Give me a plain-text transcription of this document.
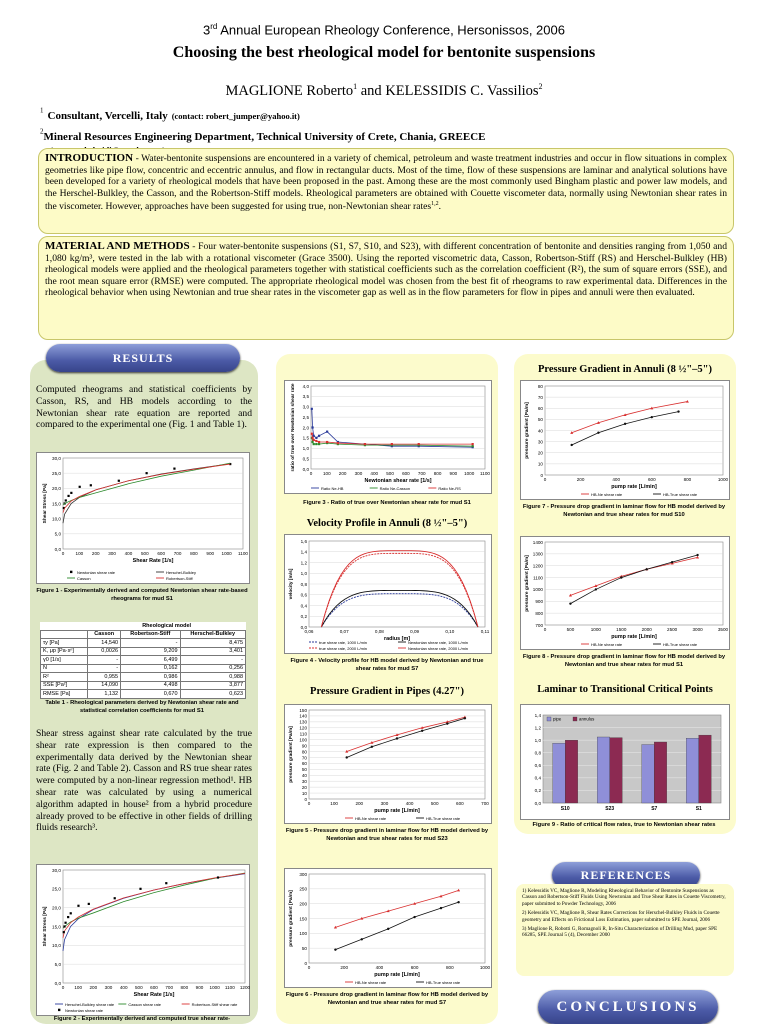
3rd Annual European Rheology Conference, Hersonissos, 2006
Choosing the best rheological model for bentonite suspensions
MAGLIONE Roberto$^1$ and KELESSIDIS C. Vassilios$^2$
$^1$ Consultant, Vercelli, Italy (contact: robert_jumper@yahoo.it)
$^2$Mineral Resources Engineering Department, Technical University of Crete, Chania, GREECE
INTRODUCTION - Water-bentonite suspensions are encountered in a variety of chemical, petroleum and waste treatment industries and occur in flow situations in complex geometries like pipe flow, concentric and eccentric annulus, and flow in rectangular ducts. Most of the time, flow of these suspensions are laminar and analytical solutions have been developed for a variety of rheological models that have been proposed in the past. Among these are the most commonly used Bingham plastic and power law models, and the Herschel-Bulkley, the Casson, and the Robertson-Stiff models. Rheological parameters are obtained with Couette viscometer data, normally using Newtonian shear rates in the viscometer. However, approaches have been suggested for using true, non-Newtonian shear rates$^{1,2}$.
MATERIAL AND METHODS - Four water-bentonite suspensions (S1, S7, S10, and S23), with different concentration of bentonite and densities ranging from 1,050 and 1,080 kg/m³, were tested in the lab with a rotational viscometer (Grace 3500). Using the reported viscometric data, Casson, Robertson-Stiff (RS) and Herschel-Bulkley (HB) rheological models were applied and the rheological parameters together with statistical coefficients such as the correlation coefficient (R²), the sum of square errors (SSE), and the root mean square error (RMSE) were computed. The appropriate rheological model was chosen from the best fit of rheograms to raw experimental data. Differences in the rheological behavior when using Newtonian and true shear rates in the viscometer gap as well as in the flow parameters for flow in pipes and annuli were then evaluated.
RESULTS
Computed rheograms and statistical coefficients by Casson, RS, and HB models according to the Newtonian shear rate equation are reported and compared to the experimental one (Fig. 1 and Table 1).
0,0
5,0
10,0
15,0
20,0
25,0
30,0
0 100 200 300 400 500 600 700 800 900 1000 1100
Shear Rate [1/s]
Shear Stress [Pa]
Newtonian shear rate	Herschel-Bulkley
Casson	Robertson-Stiff
Figure 1 - Experimentally derived and computed Newtonian shear rate-based rheograms for mud S1
	Rheological model		
	Casson	Robertson-Stiff	Herschel-Bulkley
τy [Pa]	14,540	-	8,475
K, μp [Pa·sⁿ]	0,0026	9,209	3,401
γ0 [1/s]	-	6,499	-
N	-	0,162	0,256
R²	0,955	0,986	0,988
SSE [Pa²]	14,090	4,498	3,877
RMSE [Pa]	1,132	0,670	0,623
Table 1 - Rheological parameters derived by Newtonian shear rate and statistical correlation coefficients for mud S1
Shear stress against shear rate calculated by the true shear rate expression is then compared to the experimentally data derived by the Newtonian shear rate (Fig. 2 and Table 2). Casson and RS true shear rates were computed by a non-linear regression method¹. HB shear rate was calculated by using a numerical algorithm adapted in house² from a hybrid procedure already proved to be effective in other fields of drilling fluids research³.
0,0
5,0
10,0
15,0
20,0
25,0
30,0
0 100 200 300 400 500 600 700 800 900 1000 1100 1200
Shear Rate [1/s]
Shear Stress [Pa]
Herschel-Bulkley shear rate	Casson shear rate	Robertson-Stiff shear rate
Newtonian shear rate
Figure 2 - Experimentally derived and computed true shear rate-
0,0
0,5
1,0
1,5
2,0
2,5
3,0
3,5
4,0
0 100 200 300 400 500 600 700 800 900 1000 1100
Newtonian shear rate [1/s]
ratio of true over Newtonian shear rate
Ratio Ne-HB	Ratio Ne-Casson	Ratio Ne-RS
Figure 3 - Ratio of true over Newtonian shear rate for mud S1
Velocity Profile in Annuli (8 ½"–5")
0,0
0,2
0,4
0,6
0,8
1,0
1,2
1,4
1,6
0,06	0,07	0,08	0,09	0,10	0,11
radius [m]
velocity [m/s]
true shear rate, 1000 L/min	Newtonian shear rate, 1000 L/min
true shear rate, 2000 L/min	Newtonian shear rate, 2000 L/min
Figure 4 - Velocity profile for HB model derived by Newtonian and true shear rates for mud S7
Pressure Gradient in Pipes (4.27")
0
10
20
30
40
50
60
70
80
90
100
110
120
130
140
150
0	100	200	300	400	500	600	700
pump rate [L/min]
pressure gradient [Pa/m]
HB-Ne shear rate	HB-True shear rate
Figure 5 - Pressure drop gradient in laminar flow for HB model derived by Newtonian and true shear rates for mud S23
0
50
100
150
200
250
300
0	200	400	600	800	1000
pump rate [L/min]
pressure gradient [Pa/m]
HB-Ne shear rate	HB-True shear rate
Figure 6 - Pressure drop gradient in laminar flow for HB model derived by Newtonian and true shear rates for mud S7
Pressure Gradient in Annuli (8 ½"–5")
0
10
20
30
40
50
60
70
80
0	200	400	600	800	1000
pump rate [L/min]
pressure gradient [Pa/m]
HB-Ne shear rate	HB-True shear rate
Figure 7 - Pressure drop gradient in laminar flow for HB model derived by Newtonian and true shear rates for mud S10
700
800
900
1000
1100
1200
1300
1400
0	500	1000	1500	2000	2500	3000	3500
pump rate [L/min]
pressure gradient [Pa/m]
HB-Ne shear rate	HB-True shear rate
Figure 8 - Pressure drop gradient in laminar flow for HB model derived by Newtonian and true shear rates for mud S1
Laminar to Transitional Critical Points
0,0
0,2
0,4
0,6
0,8
1,0
1,2
1,4
S10	S23	S7	S1
pipe	annulus
Figure 9 - Ratio of critical flow rates, true to Newtonian shear rates
REFERENCES
1) Kelessidis VC, Maglione R, Modeling Rheological Behavior of Bentonite Suspensions as Casson and Robertson-Stiff Fluids Using Newtonian and True Shear Rates in Couette Viscometry, paper submitted to Powder Technology, 2006
2) Kelessidis VC, Maglione R, Shear Rates Corrections for Herschel-Bulkley Fluids in Couette geometry and Effects on Frictional Loss Estimation, paper submitted to SPE Journal, 2006
3) Maglione R, Robotti G, Romagnoli R, In-Situ Characterization of Drilling Mud, paper SPE 66285, SPE Journal 5 (4), December 2000
CONCLUSIONS
